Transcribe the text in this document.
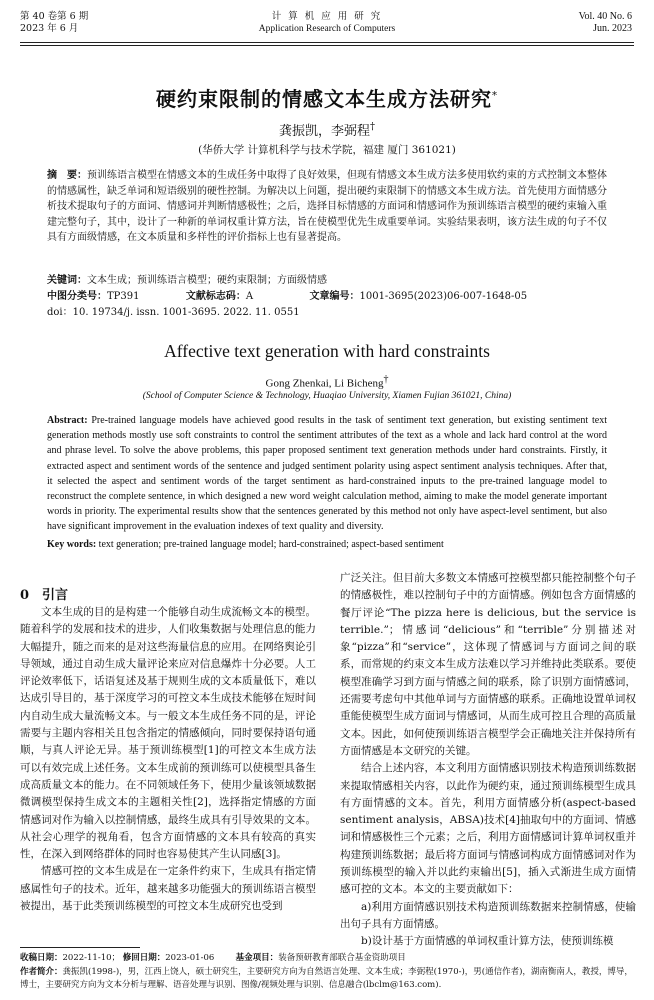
第 40 卷第 6 期
2023 年 6 月
计 算 机 应 用 研 究
Application Research of Computers
Vol. 40 No. 6
Jun. 2023
硬约束限制的情感文本生成方法研究*
龚振凯，李弼程†
(华侨大学 计算机科学与技术学院，福建 厦门 361021)
摘　要：预训练语言模型在情感文本的生成任务中取得了良好效果，但现有情感文本生成方法多使用软约束的方式控制文本整体的情感属性，缺乏单词和短语级别的硬性控制。为解决以上问题，提出硬约束限制下的情感文本生成方法。首先使用方面情感分析技术提取句子的方面词、情感词并判断情感极性；之后，选择目标情感的方面词和情感词作为预训练语言模型的硬约束输入重建完整句子，其中，设计了一种新的单词权重计算方法，旨在使模型优先生成重要单词。实验结果表明，该方法生成的句子不仅具有方面级情感，在文本质量和多样性的评价指标上也有显著提高。
关键词：文本生成；预训练语言模型；硬约束限制；方面级情感
中图分类号：TP391	文献标志码：A	文章编号：1001-3695(2023)06-007-1648-05
doi：10. 19734/j. issn. 1001-3695. 2022. 11. 0551
Affective text generation with hard constraints
Gong Zhenkai, Li Bicheng†
(School of Computer Science & Technology, Huaqiao University, Xiamen Fujian 361021, China)
Abstract: Pre-trained language models have achieved good results in the task of sentiment text generation, but existing sentiment text generation methods mostly use soft constraints to control the sentiment attributes of the text as a whole and lack hard control at the word and phrase level. To solve the above problems, this paper proposed sentiment text generation methods under hard constraints. Firstly, it extracted aspect and sentiment words of the sentence and judged sentiment polarity using aspect sentiment analysis techniques. After that, it selected the aspect and sentiment words of the target sentiment as hard-constrained inputs to the pre-trained language model to reconstruct the complete sentence, in which designed a new word weight calculation method, aiming to make the model generate important words in priority. The experimental results show that the sentences generated by this method not only have aspect-level sentiment, but also have significant improvement in the evaluation indexes of text quality and diversity.
Key words: text generation; pre-trained language model; hard-constrained; aspect-based sentiment
0　引言

文本生成的目的是构建一个能够自动生成流畅文本的模型。随着科学的发展和技术的进步，人们收集数据与处理信息的能力大幅提升，随之而来的是对这些海量信息的应用。在网络舆论引导领域，通过自动生成大量评论来应对信息爆炸十分必要。人工评论效率低下，话语复述及基于规则生成的文本质量低下，难以达成引导目的，基于深度学习的可控文本生成技术能够在短时间内自动生成大量流畅文本。与一般文本生成任务不同的是，评论需要与主题内容相关且包含指定的情感倾向，同时要保持语句通顺，与真人评论无异。基于预训练模型[1]的可控文本生成方法可以有效完成上述任务。文本生成前的预训练可以使模型具备生成高质量文本的能力。在不同领域任务下，使用少量该领域数据微调模型保持生成文本的主题相关性[2]，选择指定情感的方面情感词对作为输入以控制情感，最终生成具有引导效果的文本。从社会心理学的视角看，包含方面情感的文本具有较高的真实性，在深入到网络群体的同时也容易使其产生认同感[3]。

情感可控的文本生成是在一定条件约束下，生成具有指定情感属性句子的技术。近年，越来越多功能强大的预训练语言模型被提出，基于此类预训练模型的可控文本生成研究也受到

广泛关注。但目前大多数文本情感可控模型都只能控制整个句子的情感极性，难以控制句子中的方面情感。例如包含方面情感的餐厅评论“The pizza here is delicious, but the service is terrible.”；情感词“delicious”和“terrible”分别描述对象“pizza”和“service”，这体现了情感词与方面词之间的联系，而常规的约束文本生成方法难以学习并维持此类联系。要使模型准确学习到方面与情感之间的联系，除了识别方面情感词，还需要考虑句中其他单词与方面情感的联系。正确地设置单词权重能使模型生成方面词与情感词，从而生成可控且合理的高质量文本。因此，如何使预训练语言模型学会正确地关注并保持所有方面情感是本文研究的关键。

结合上述内容，本文利用方面情感识别技术构造预训练数据来提取情感相关内容，以此作为硬约束，通过预训练模型生成具有方面情感的文本。首先，利用方面情感分析(aspect-based sentiment analysis，ABSA)技术[4]抽取句中的方面词、情感词和情感极性三个元素；之后，利用方面情感词计算单词权重并构建预训练数据；最后将方面词与情感词构成方面情感词对作为预训练模型的输入并以此约束输出[5]，插入式渐进生成方面情感可控的文本。本文的主要贡献如下：

a)利用方面情感识别技术构造预训练数据来控制情感，使输出句子具有方面情感。

b)设计基于方面情感的单词权重计算方法，使预训练模

收稿日期：2022-11-10； 修回日期：2023-01-06	基金项目：装备预研教育部联合基金资助项目
作者简介：龚振凯(1998-)，男，江西上饶人，硕士研究生，主要研究方向为自然语言处理、文本生成；李弼程(1970-)，男(通信作者)，湖南衡南人，教授，博导，博士，主要研究方向为文本分析与理解、语音处理与识别、图像/视频处理与识别、信息融合(lbclm@163.com).
